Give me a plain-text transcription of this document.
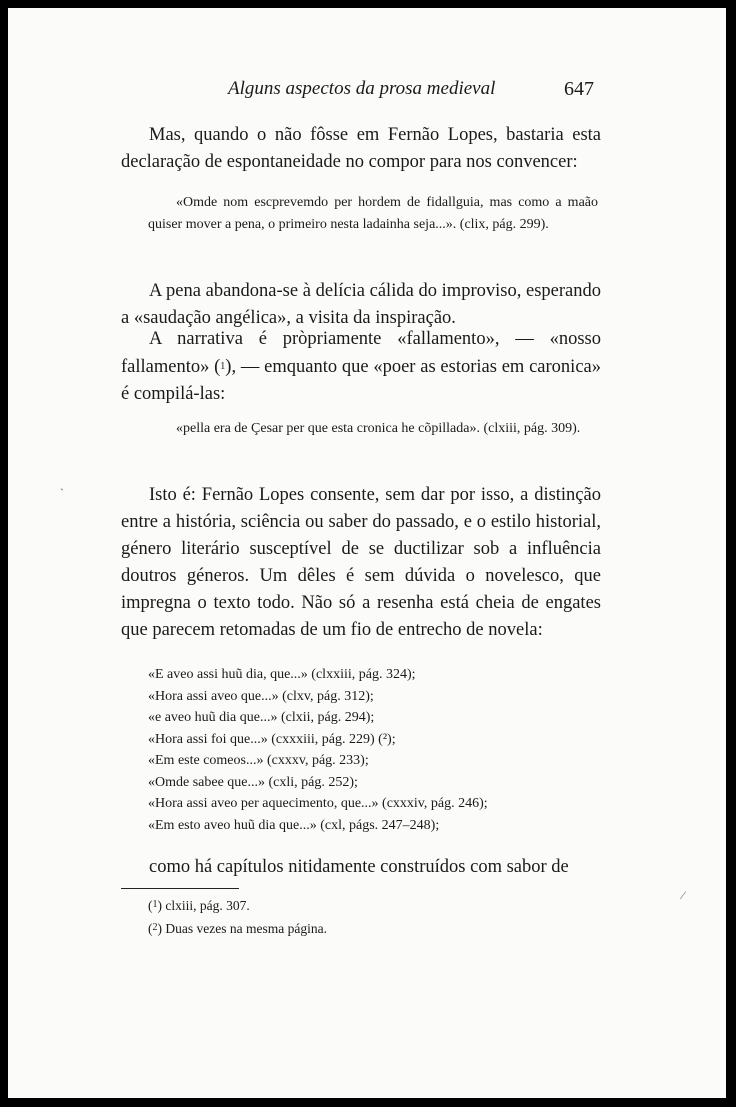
Alguns aspectos da prosa medieval	647

Mas, quando o não fôsse em Fernão Lopes, bastaria esta declaração de espontaneidade no compor para nos convencer:

«Omde nom escprevemdo per hordem de fidallguia, mas como a maão quiser mover a pena, o primeiro nesta ladainha seja...». (clix, pág. 299).

A pena abandona-se à delícia cálida do improviso, esperando a «saudação angélica», a visita da inspiração.

A narrativa é pròpriamente «fallamento», — «nosso fallamento» (1), — emquanto que «poer as estorias em caronica» é compilá-las:

«pella era de Çesar per que esta cronica he cõpillada». (clxiii, pág. 309).

Isto é: Fernão Lopes consente, sem dar por isso, a distinção entre a história, sciência ou saber do passado, e o estilo historial, género literário susceptível de se ductilizar sob a influência doutros géneros. Um dêles é sem dúvida o novelesco, que impregna o texto todo. Não só a resenha está cheia de engates que parecem retomadas de um fio de entrecho de novela:

«E aveo assi huũ dia, que...» (clxxiii, pág. 324);
«Hora assi aveo que...» (clxv, pág. 312);
«e aveo huũ dia que...» (clxii, pág. 294);
«Hora assi foi que...» (cxxxiii, pág. 229) (²);
«Em este comeos...» (cxxxv, pág. 233);
«Omde sabee que...» (cxli, pág. 252);
«Hora assi aveo per aquecimento, que...» (cxxxiv, pág. 246);
«Em esto aveo huũ dia que...» (cxl, págs. 247–248);

como há capítulos nitidamente construídos com sabor de

($^1$) clxiii, pág. 307.
($^2$) Duas vezes na mesma página.
ˋ
⁄
